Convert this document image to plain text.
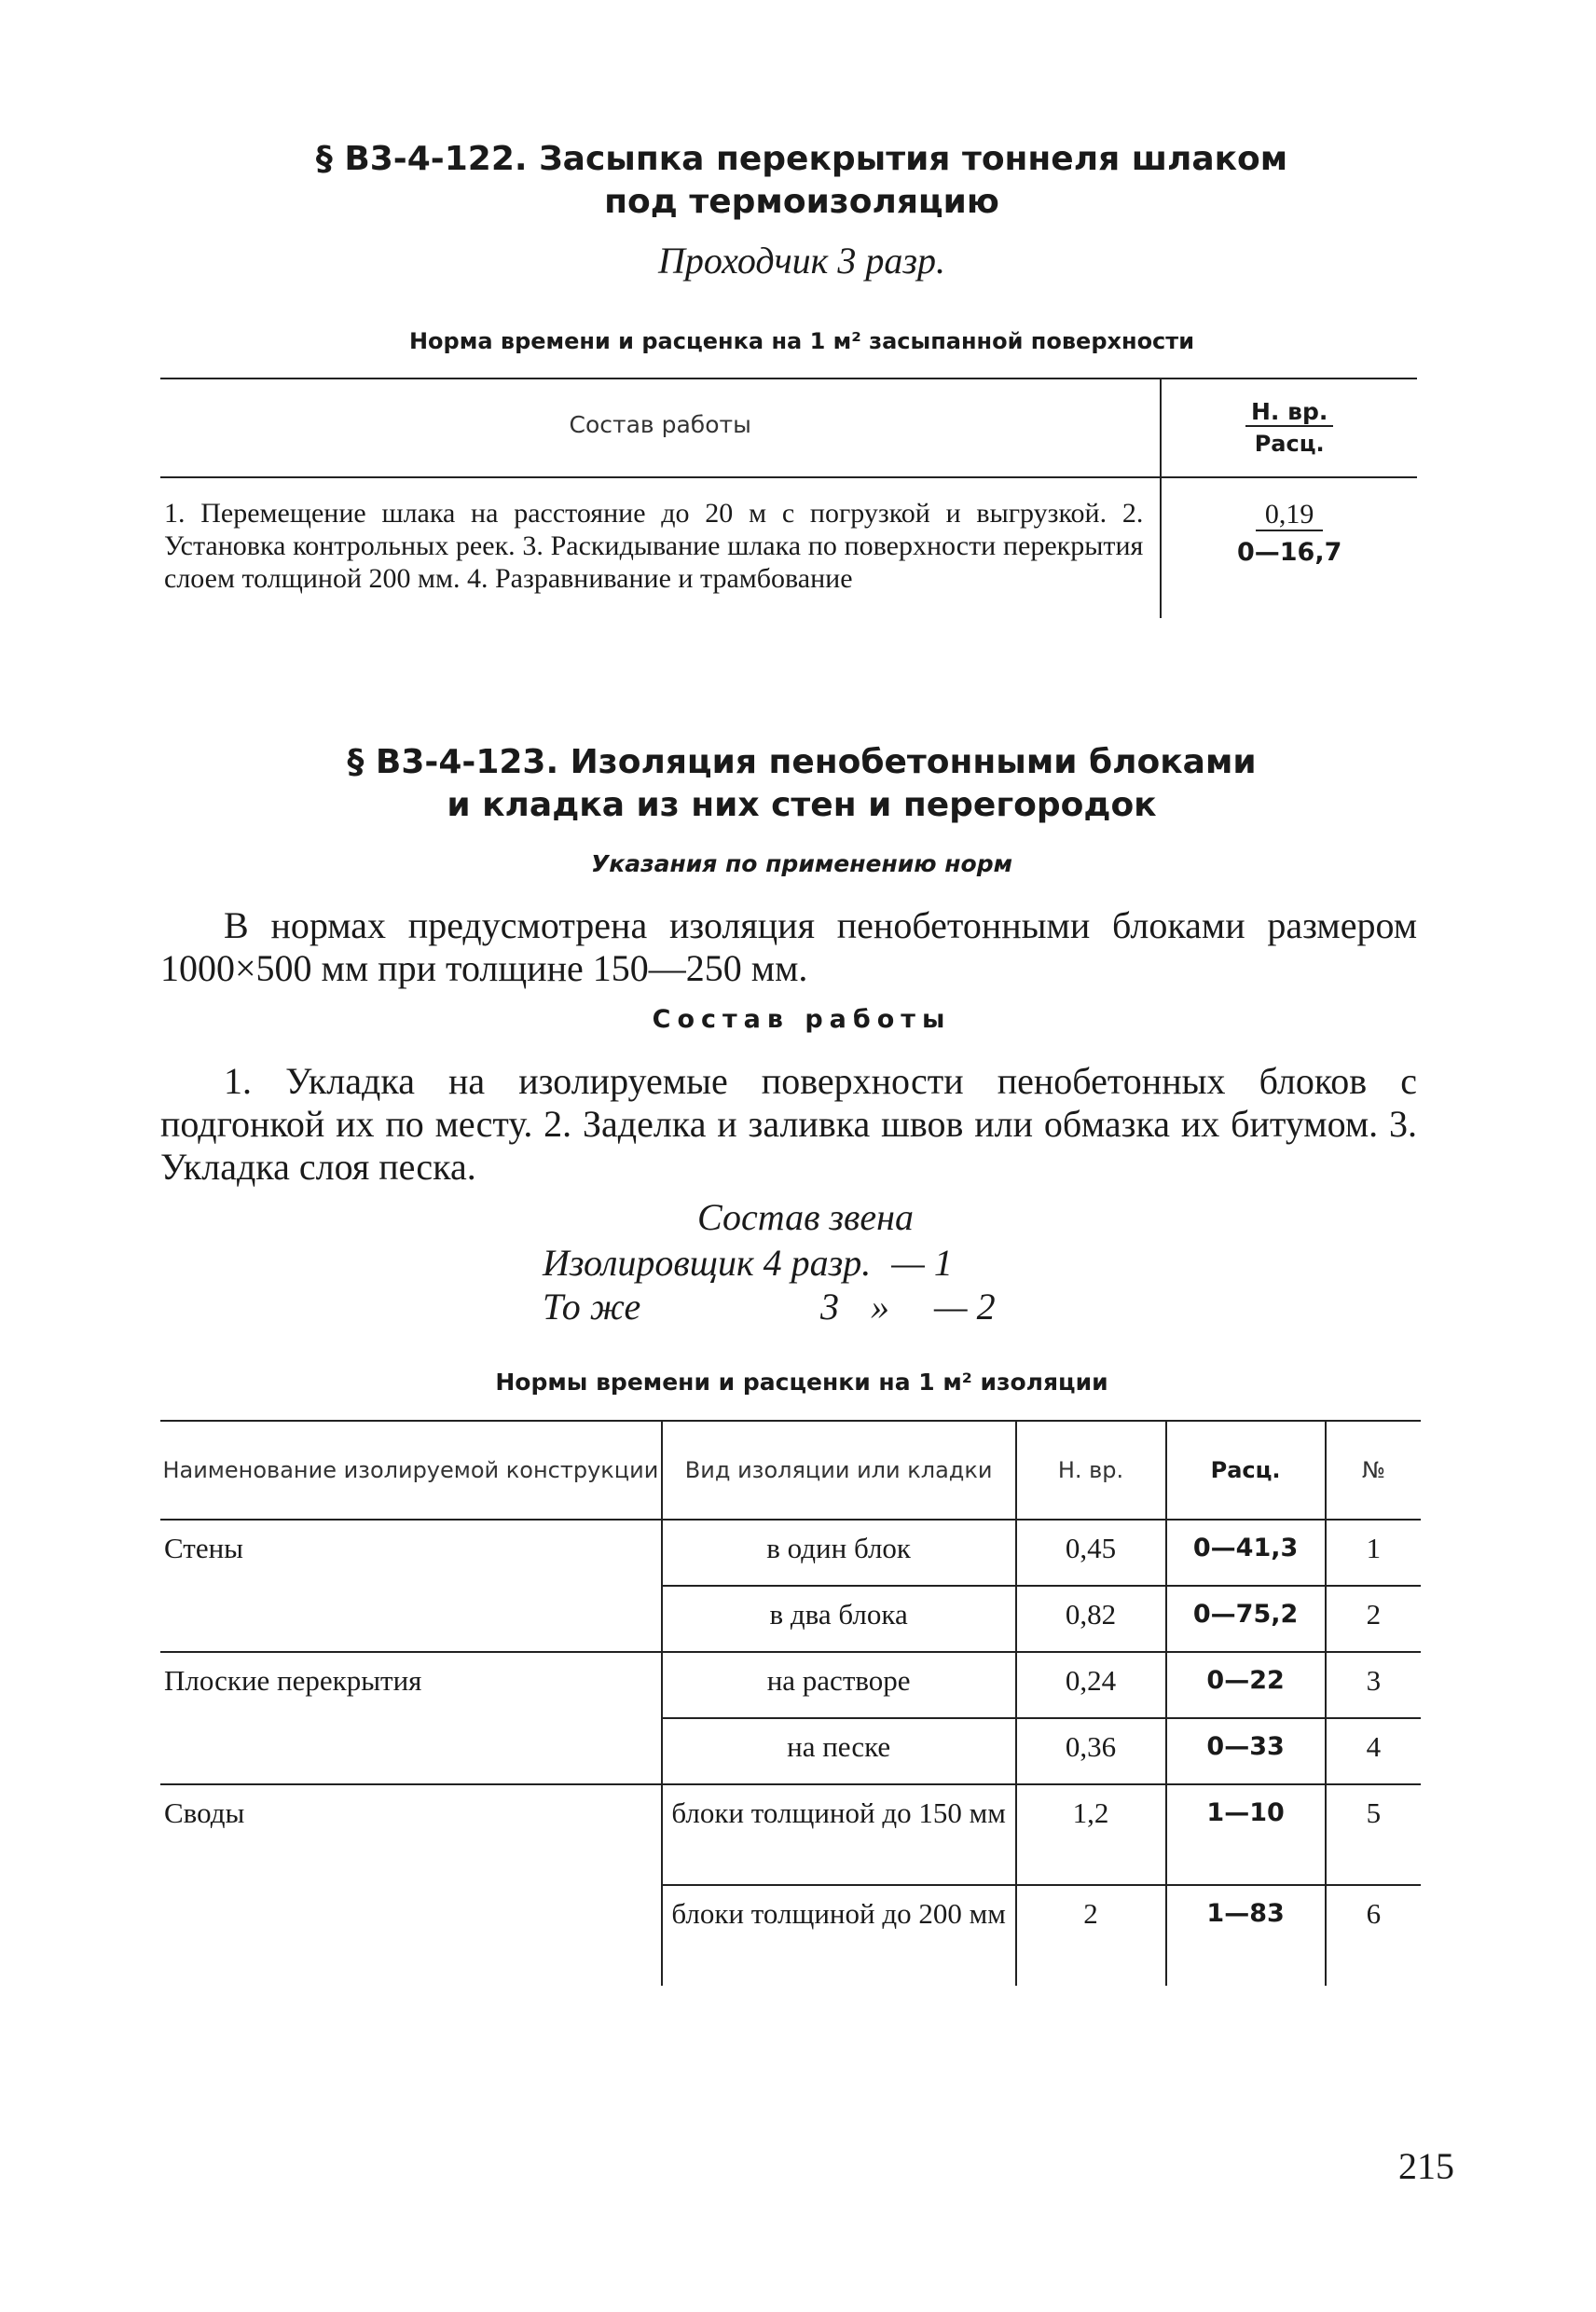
§ В3-4-122. Засыпка перекрытия тоннеля шлаком
под термоизоляцию
Проходчик 3 разр.
Норма времени и расценка на 1 м² засыпанной поверхности
Состав работы	Н. вр.
Расц.

1. Перемещение шлака на расстояние до 20 м с погрузкой и выгрузкой. 2. Установка контрольных реек. 3. Раскидывание шлака по поверхности перекрытия слоем толщиной 200 мм. 4. Разравнивание и трамбование	0,19
0—16,7
§ В3-4-123. Изоляция пенобетонными блоками
и кладка из них стен и перегородок
Указания по применению норм
В нормах предусмотрена изоляция пенобетонными блоками размером 1000×500 мм при толщине 150—250 мм.
Состав работы
1. Укладка на изолируемые поверхности пенобетонных блоков с подгонкой их по месту. 2. Заделка и заливка швов или обмазка их битумом. 3. Укладка слоя песка.
Состав звена
Изолировщик 4 разр. — 1
То же	3 » — 2
Нормы времени и расценки на 1 м² изоляции
Наименование изолируемой конструкции	Вид изоляции или кладки	Н. вр.	Расц.	№
Стены	в один блок	0,45	0—41,3	1
	в два блока	0,82	0—75,2	2
Плоские перекрытия	на растворе	0,24	0—22	3
	на песке	0,36	0—33	4
Своды	блоки толщиной до 150 мм	1,2	1—10	5
	блоки толщиной до 200 мм	2	1—83	6
215
